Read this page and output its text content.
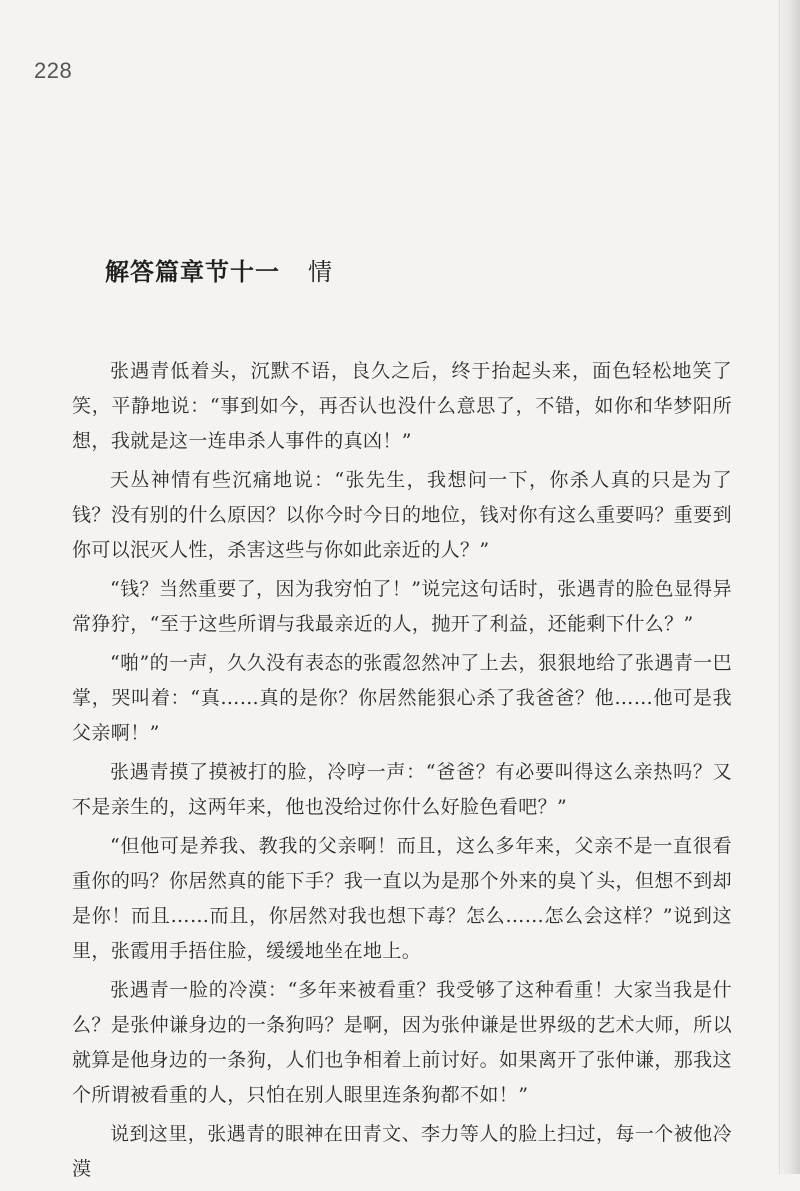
228
解答篇章节十一 情

张遇青低着头，沉默不语，良久之后，终于抬起头来，面色轻松地笑了笑，平静地说：“事到如今，再否认也没什么意思了，不错，如你和华梦阳所想，我就是这一连串杀人事件的真凶！”

天丛神情有些沉痛地说：“张先生，我想问一下，你杀人真的只是为了钱？没有别的什么原因？以你今时今日的地位，钱对你有这么重要吗？重要到你可以泯灭人性，杀害这些与你如此亲近的人？”

“钱？当然重要了，因为我穷怕了！”说完这句话时，张遇青的脸色显得异常狰狞，“至于这些所谓与我最亲近的人，抛开了利益，还能剩下什么？”

“啪”的一声，久久没有表态的张霞忽然冲了上去，狠狠地给了张遇青一巴掌，哭叫着：“真……真的是你？你居然能狠心杀了我爸爸？他……他可是我父亲啊！”

张遇青摸了摸被打的脸，冷哼一声：“爸爸？有必要叫得这么亲热吗？又不是亲生的，这两年来，他也没给过你什么好脸色看吧？”

“但他可是养我、教我的父亲啊！而且，这么多年来，父亲不是一直很看重你的吗？你居然真的能下手？我一直以为是那个外来的臭丫头，但想不到却是你！而且……而且，你居然对我也想下毒？怎么……怎么会这样？”说到这里，张霞用手捂住脸，缓缓地坐在地上。

张遇青一脸的冷漠：“多年来被看重？我受够了这种看重！大家当我是什么？是张仲谦身边的一条狗吗？是啊，因为张仲谦是世界级的艺术大师，所以就算是他身边的一条狗，人们也争相着上前讨好。如果离开了张仲谦，那我这个所谓被看重的人，只怕在别人眼里连条狗都不如！”

说到这里，张遇青的眼神在田青文、李力等人的脸上扫过，每一个被他冷漠
